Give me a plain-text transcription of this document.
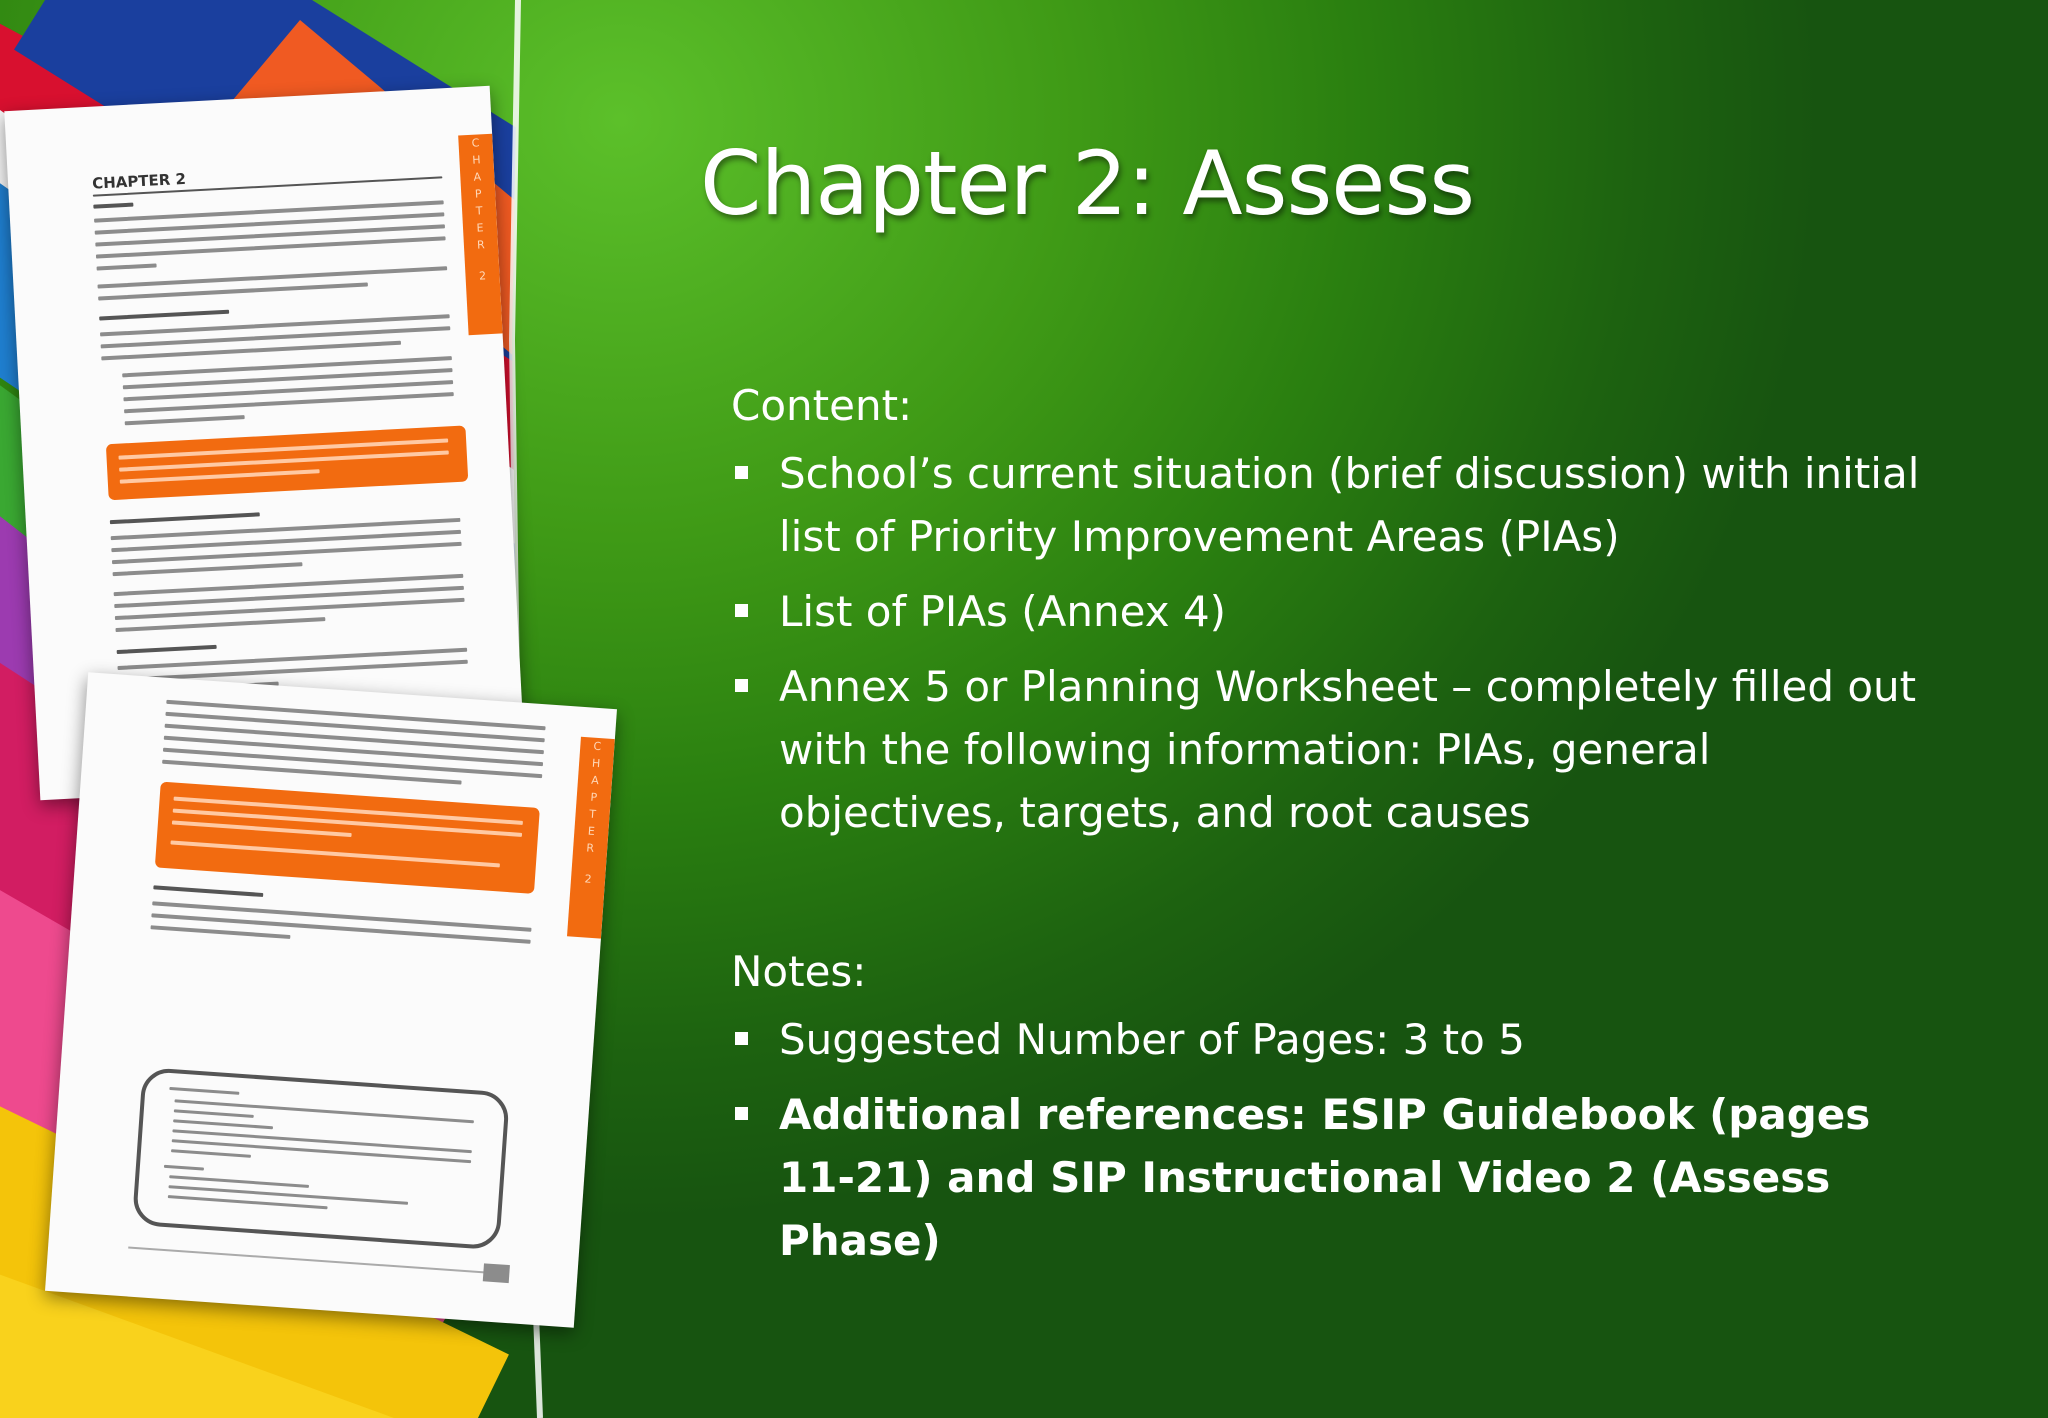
C
H
A
P
T
E
R
2
CHAPTER 2
C
H
A
P
T
E
R
2
Chapter 2: Assess
Content:
School’s current situation (brief discussion) with initial list of Priority Improvement Areas (PIAs)
List of PIAs (Annex 4)
Annex 5 or Planning Worksheet – completely filled out with the following information: PIAs, general objectives, targets, and root causes
Notes:
Suggested Number of Pages: 3 to 5
Additional references: ESIP Guidebook (pages 11-21) and SIP Instructional Video 2 (Assess Phase)
